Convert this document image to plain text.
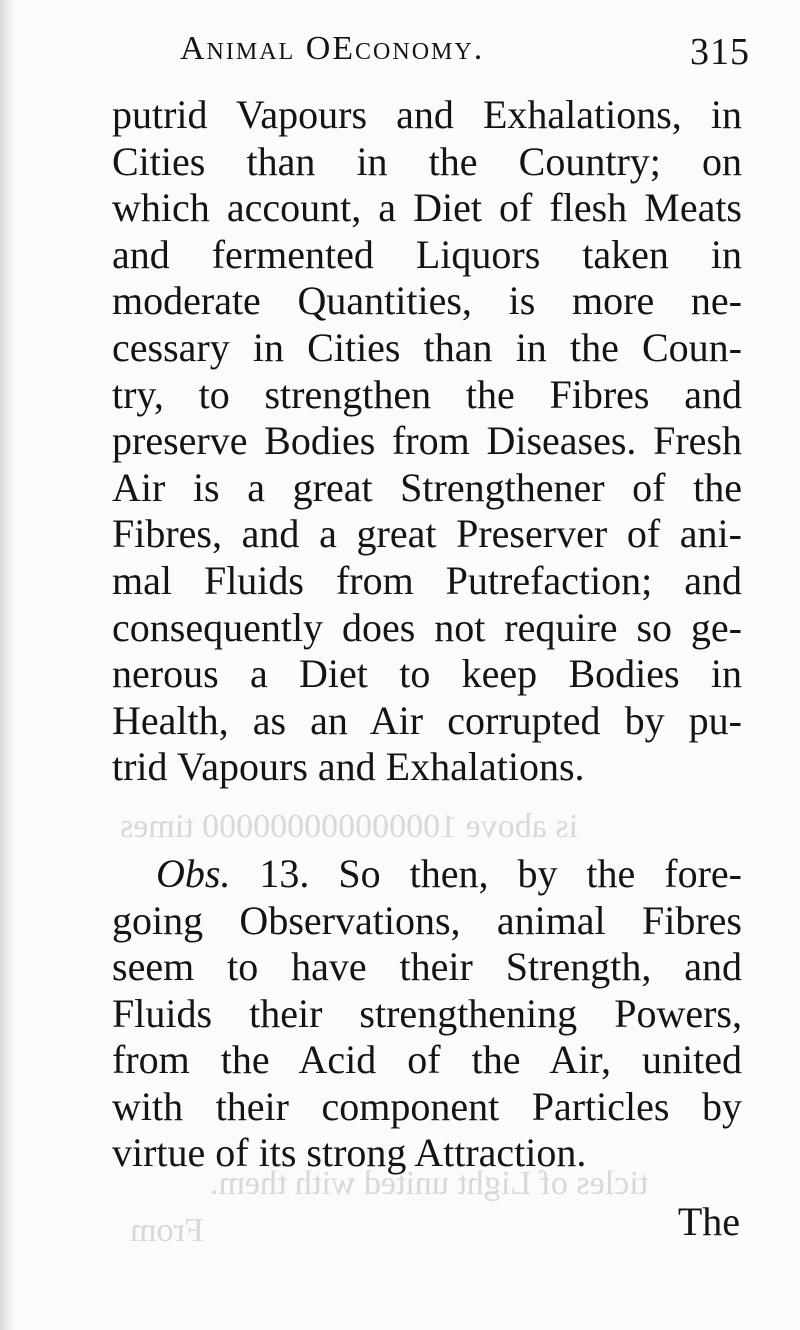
is above 100000000000000 times
ticles of Light united with them.
From
Animal OEconomy.	315
putrid Vapours and Exhalations, in
Cities than in the Country; on
which account, a Diet of flesh Meats
and fermented Liquors taken in
moderate Quantities, is more ne-
cessary in Cities than in the Coun-
try, to strengthen the Fibres and
preserve Bodies from Diseases. Fresh
Air is a great Strengthener of the
Fibres, and a great Preserver of ani-
mal Fluids from Putrefaction; and
consequently does not require so ge-
nerous a Diet to keep Bodies in
Health, as an Air corrupted by pu-
trid Vapours and Exhalations.
Obs. 13. So then, by the fore-
going Observations, animal Fibres
seem to have their Strength, and
Fluids their strengthening Powers,
from the Acid of the Air, united
with their component Particles by
virtue of its strong Attraction.
The
